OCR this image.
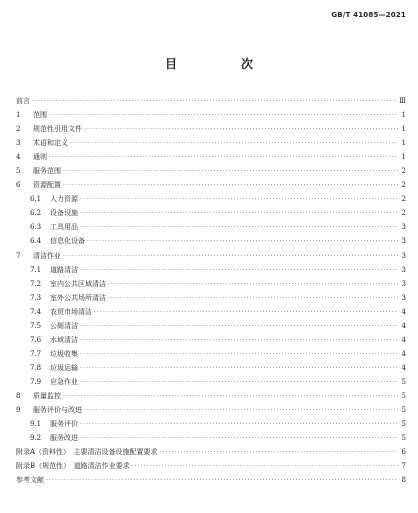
GB/T 41085—2021
目　次
前言 ·····	Ⅲ
1	范围 ·····	1
2	规范性引用文件 ·····	1
3	术语和定义 ·····	1
4	通则 ·····	1
5	服务范围 ·····	2
6	资源配置 ·····	2
6.1	人力资源 ·····	2
6.2	设备设施 ·····	2
6.3	工具用品 ·····	3
6.4	信息化设备 ·····	3
7	清洁作业 ·····	3
7.1	道路清洁 ·····	3
7.2	室内公共区域清洁 ·····	3
7.3	室外公共场所清洁 ·····	3
7.4	农贸市场清洁 ·····	4
7.5	公厕清洁 ·····	4
7.6	水域清洁 ·····	4
7.7	垃圾收集 ·····	4
7.8	垃圾运输 ·····	4
7.9	应急作业 ·····	5
8	质量监控 ·····	5
9	服务评价与改进 ·····	5
9.1	服务评价 ·····	5
9.2	服务改进 ·····	5
附录A（资料性）　主要清洁设备设施配置要求 ·····	6
附录B（规范性）　道路清洁作业要求 ·····	7
参考文献 ·····	8
